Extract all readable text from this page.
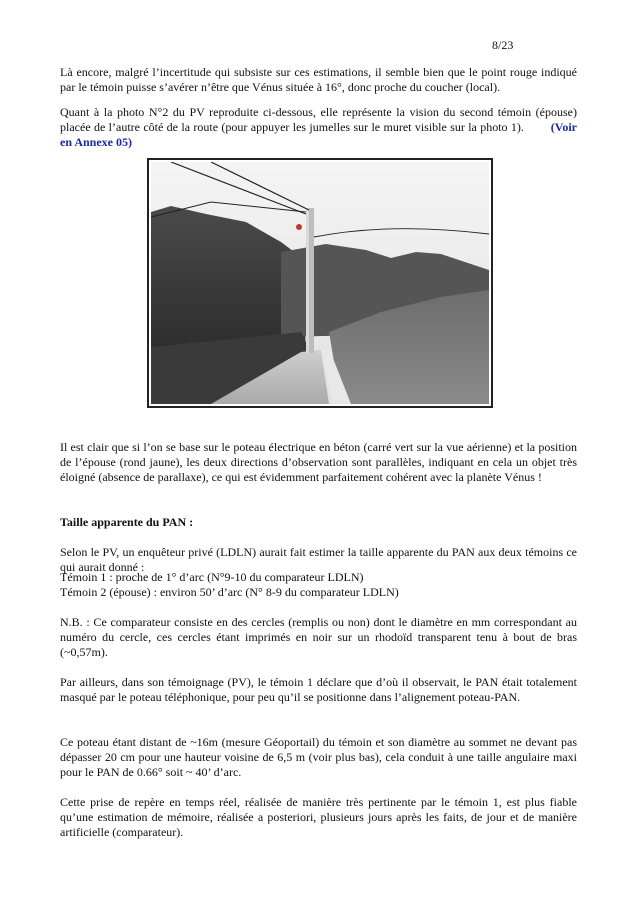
8/23

Là encore, malgré l’incertitude qui subsiste sur ces estimations, il semble bien que le point rouge indiqué par le témoin puisse s’avérer n’être que Vénus située à 16°, donc proche du coucher (local).

Quant à la photo N°2 du PV reproduite ci-dessous, elle représente la vision du second témoin (épouse) placée de l’autre côté de la route (pour appuyer les jumelles sur le muret visible sur la photo 1). (Voir en Annexe 05)

Il est clair que si l’on se base sur le poteau électrique en béton (carré vert sur la vue aérienne) et la position de l’épouse (rond jaune), les deux directions d’observation sont parallèles, indiquant en cela un objet très éloigné (absence de parallaxe), ce qui est évidemment parfaitement cohérent avec la planète Vénus !

Taille apparente du PAN :

Selon le PV, un enquêteur privé (LDLN) aurait fait estimer la taille apparente du PAN aux deux témoins ce qui aurait donné :

Témoin 1 : proche de 1° d’arc (N°9-10 du comparateur LDLN)

Témoin 2 (épouse) : environ 50’ d’arc (N° 8-9 du comparateur LDLN)

N.B. : Ce comparateur consiste en des cercles (remplis ou non) dont le diamètre en mm correspondant au numéro du cercle, ces cercles étant imprimés en noir sur un rhodoïd transparent tenu à bout de bras (~0,57m).

Par ailleurs, dans son témoignage (PV), le témoin 1 déclare que d’où il observait, le PAN était totalement masqué par le poteau téléphonique, pour peu qu’il se positionne dans l’alignement poteau-PAN.

Ce poteau étant distant de ~16m (mesure Géoportail) du témoin et son diamètre au sommet ne devant pas dépasser 20 cm pour une hauteur voisine de 6,5 m (voir plus bas), cela conduit à une taille angulaire maxi pour le PAN de 0.66° soit ~ 40’ d’arc.

Cette prise de repère en temps réel, réalisée de manière très pertinente par le témoin 1, est plus fiable qu’une estimation de mémoire, réalisée a posteriori, plusieurs jours après les faits, de jour et de manière artificielle (comparateur).
